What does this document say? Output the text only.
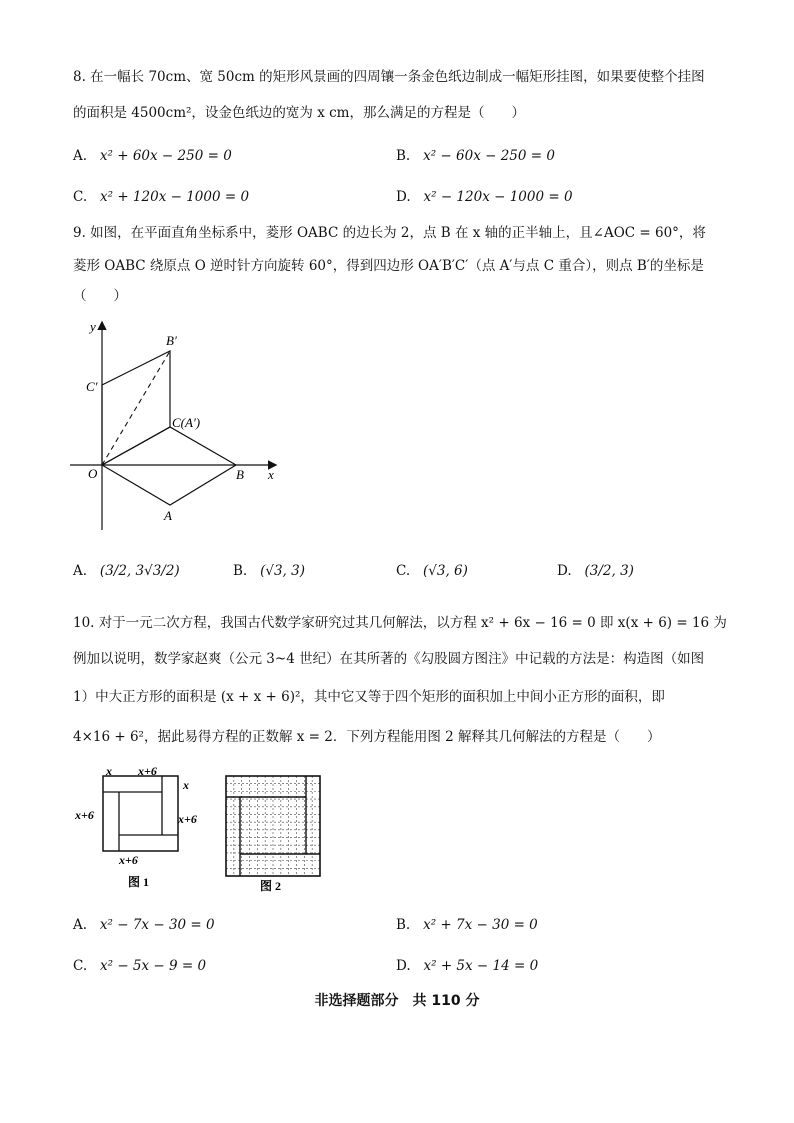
8. 在一幅长 70cm、宽 50cm 的矩形风景画的四周镶一条金色纸边制成一幅矩形挂图，如果要使整个挂图
的面积是 4500cm²，设金色纸边的宽为 x cm，那么满足的方程是（　　）
A. x² + 60x − 250 = 0	B. x² − 60x − 250 = 0
C. x² + 120x − 1000 = 0	D. x² − 120x − 1000 = 0
9. 如图，在平面直角坐标系中，菱形 OABC 的边长为 2，点 B 在 x 轴的正半轴上，且∠AOC = 60°，将
菱形 OABC 绕原点 O 逆时针方向旋转 60°，得到四边形 OA′B′C′（点 A′与点 C 重合），则点 B′的坐标是
（　　）
y
x
O	B
A
C(A′)
B′
C′
A. (3/2, 3√3/2)	B. (√3, 3)	C. (√3, 6)	D. (3/2, 3)
10. 对于一元二次方程，我国古代数学家研究过其几何解法，以方程 x² + 6x − 16 = 0 即 x(x + 6) = 16 为
例加以说明，数学家赵爽（公元 3~4 世纪）在其所著的《勾股圆方图注》中记载的方法是：构造图（如图
1）中大正方形的面积是 (x + x + 6)²，其中它又等于四个矩形的面积加上中间小正方形的面积，即
4×16 + 6²，据此易得方程的正数解 x = 2．下列方程能用图 2 解释其几何解法的方程是（　　）
x x+6
x
x+6
x+6
x+6
图 1	图 2
A. x² − 7x − 30 = 0	B. x² + 7x − 30 = 0
C. x² − 5x − 9 = 0	D. x² + 5x − 14 = 0
非选择题部分　共 110 分
